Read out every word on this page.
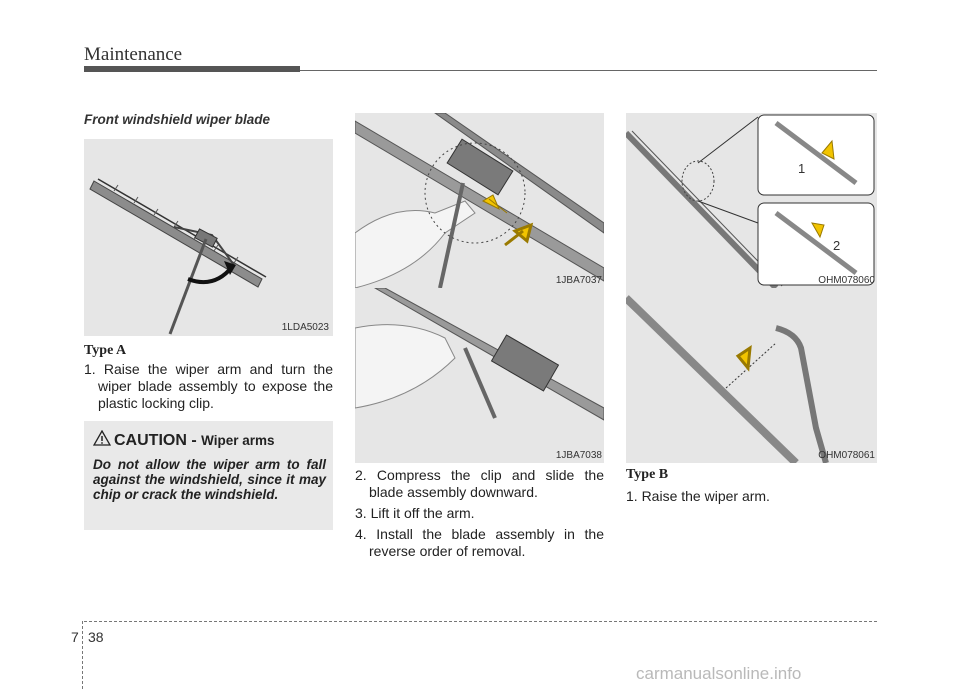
Maintenance
Front windshield wiper blade
1LDA5023
Type A

1. Raise the wiper arm and turn the wiper blade assembly to expose the plastic locking clip.

CAUTION - Wiper arms
Do not allow the wiper arm to fall against the windshield, since it may chip or crack the windshield.
1JBA7037
1JBA7038

2. Compress the clip and slide the blade assembly downward.

3. Lift it off the arm.

4. Install the blade assembly in the reverse order of removal.

1
2
OHM078060
OHM078061
Type B

1. Raise the wiper arm.

7 38
carmanualsonline.info
